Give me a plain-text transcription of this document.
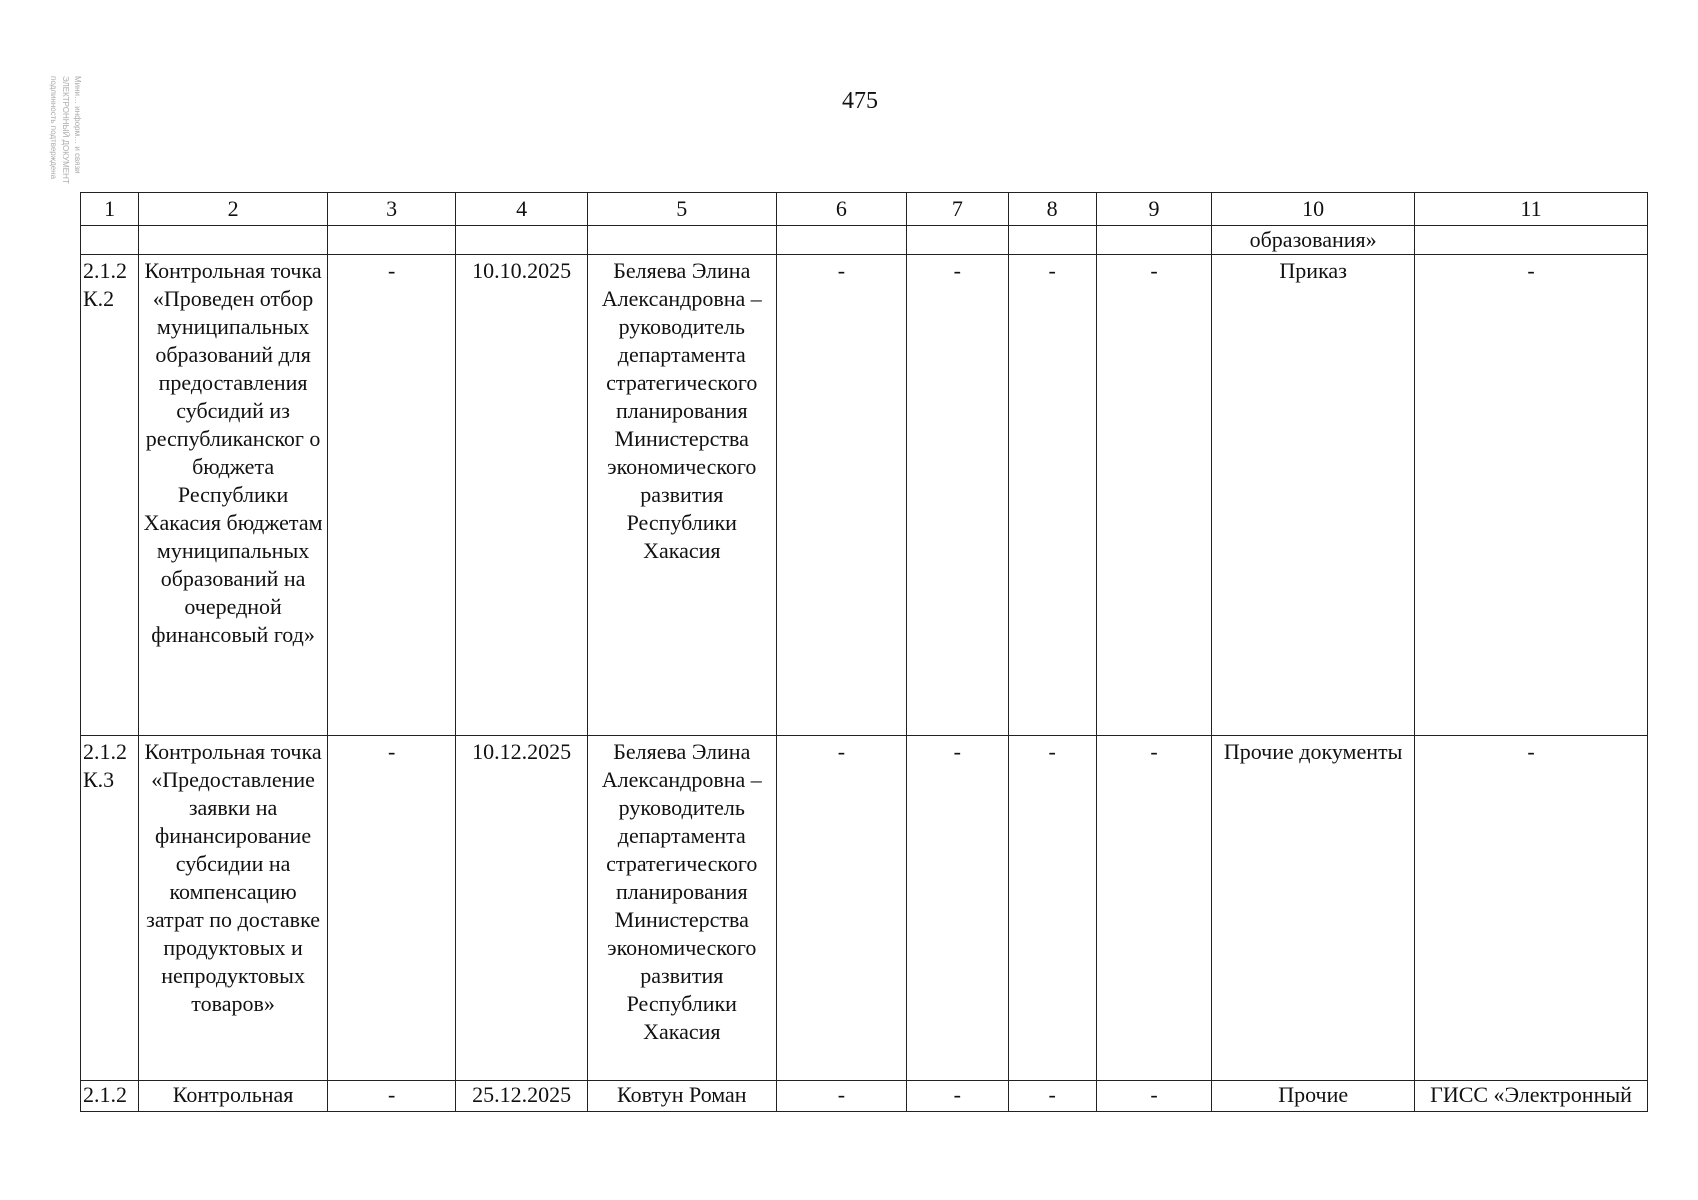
475
Мини… информ… и связи
ЭЛЕКТРОННЫЙ ДОКУМЕНТ
подлинность подтверждена
1	2	3	4	5	6	7	8	9	10	11
									образования»	
2.1.2 К.2	Контрольная точка «Проведен отбор муниципальных образований для предоставления субсидий из республиканског о бюджета Республики Хакасия бюджетам муниципальных образований на очередной финансовый год»	-	10.10.2025	Беляева Элина Александровна – руководитель департамента стратегического планирования Министерства экономического развития Республики Хакасия	-	-	-	-	Приказ	-
2.1.2 К.3	Контрольная точка «Предоставление заявки на финансирование субсидии на компенсацию затрат по доставке продуктовых и непродуктовых товаров»	-	10.12.2025	Беляева Элина Александровна – руководитель департамента стратегического планирования Министерства экономического развития Республики Хакасия	-	-	-	-	Прочие документы	-
2.1.2	Контрольная	-	25.12.2025	Ковтун Роман	-	-	-	-	Прочие	ГИСС «Электронный
